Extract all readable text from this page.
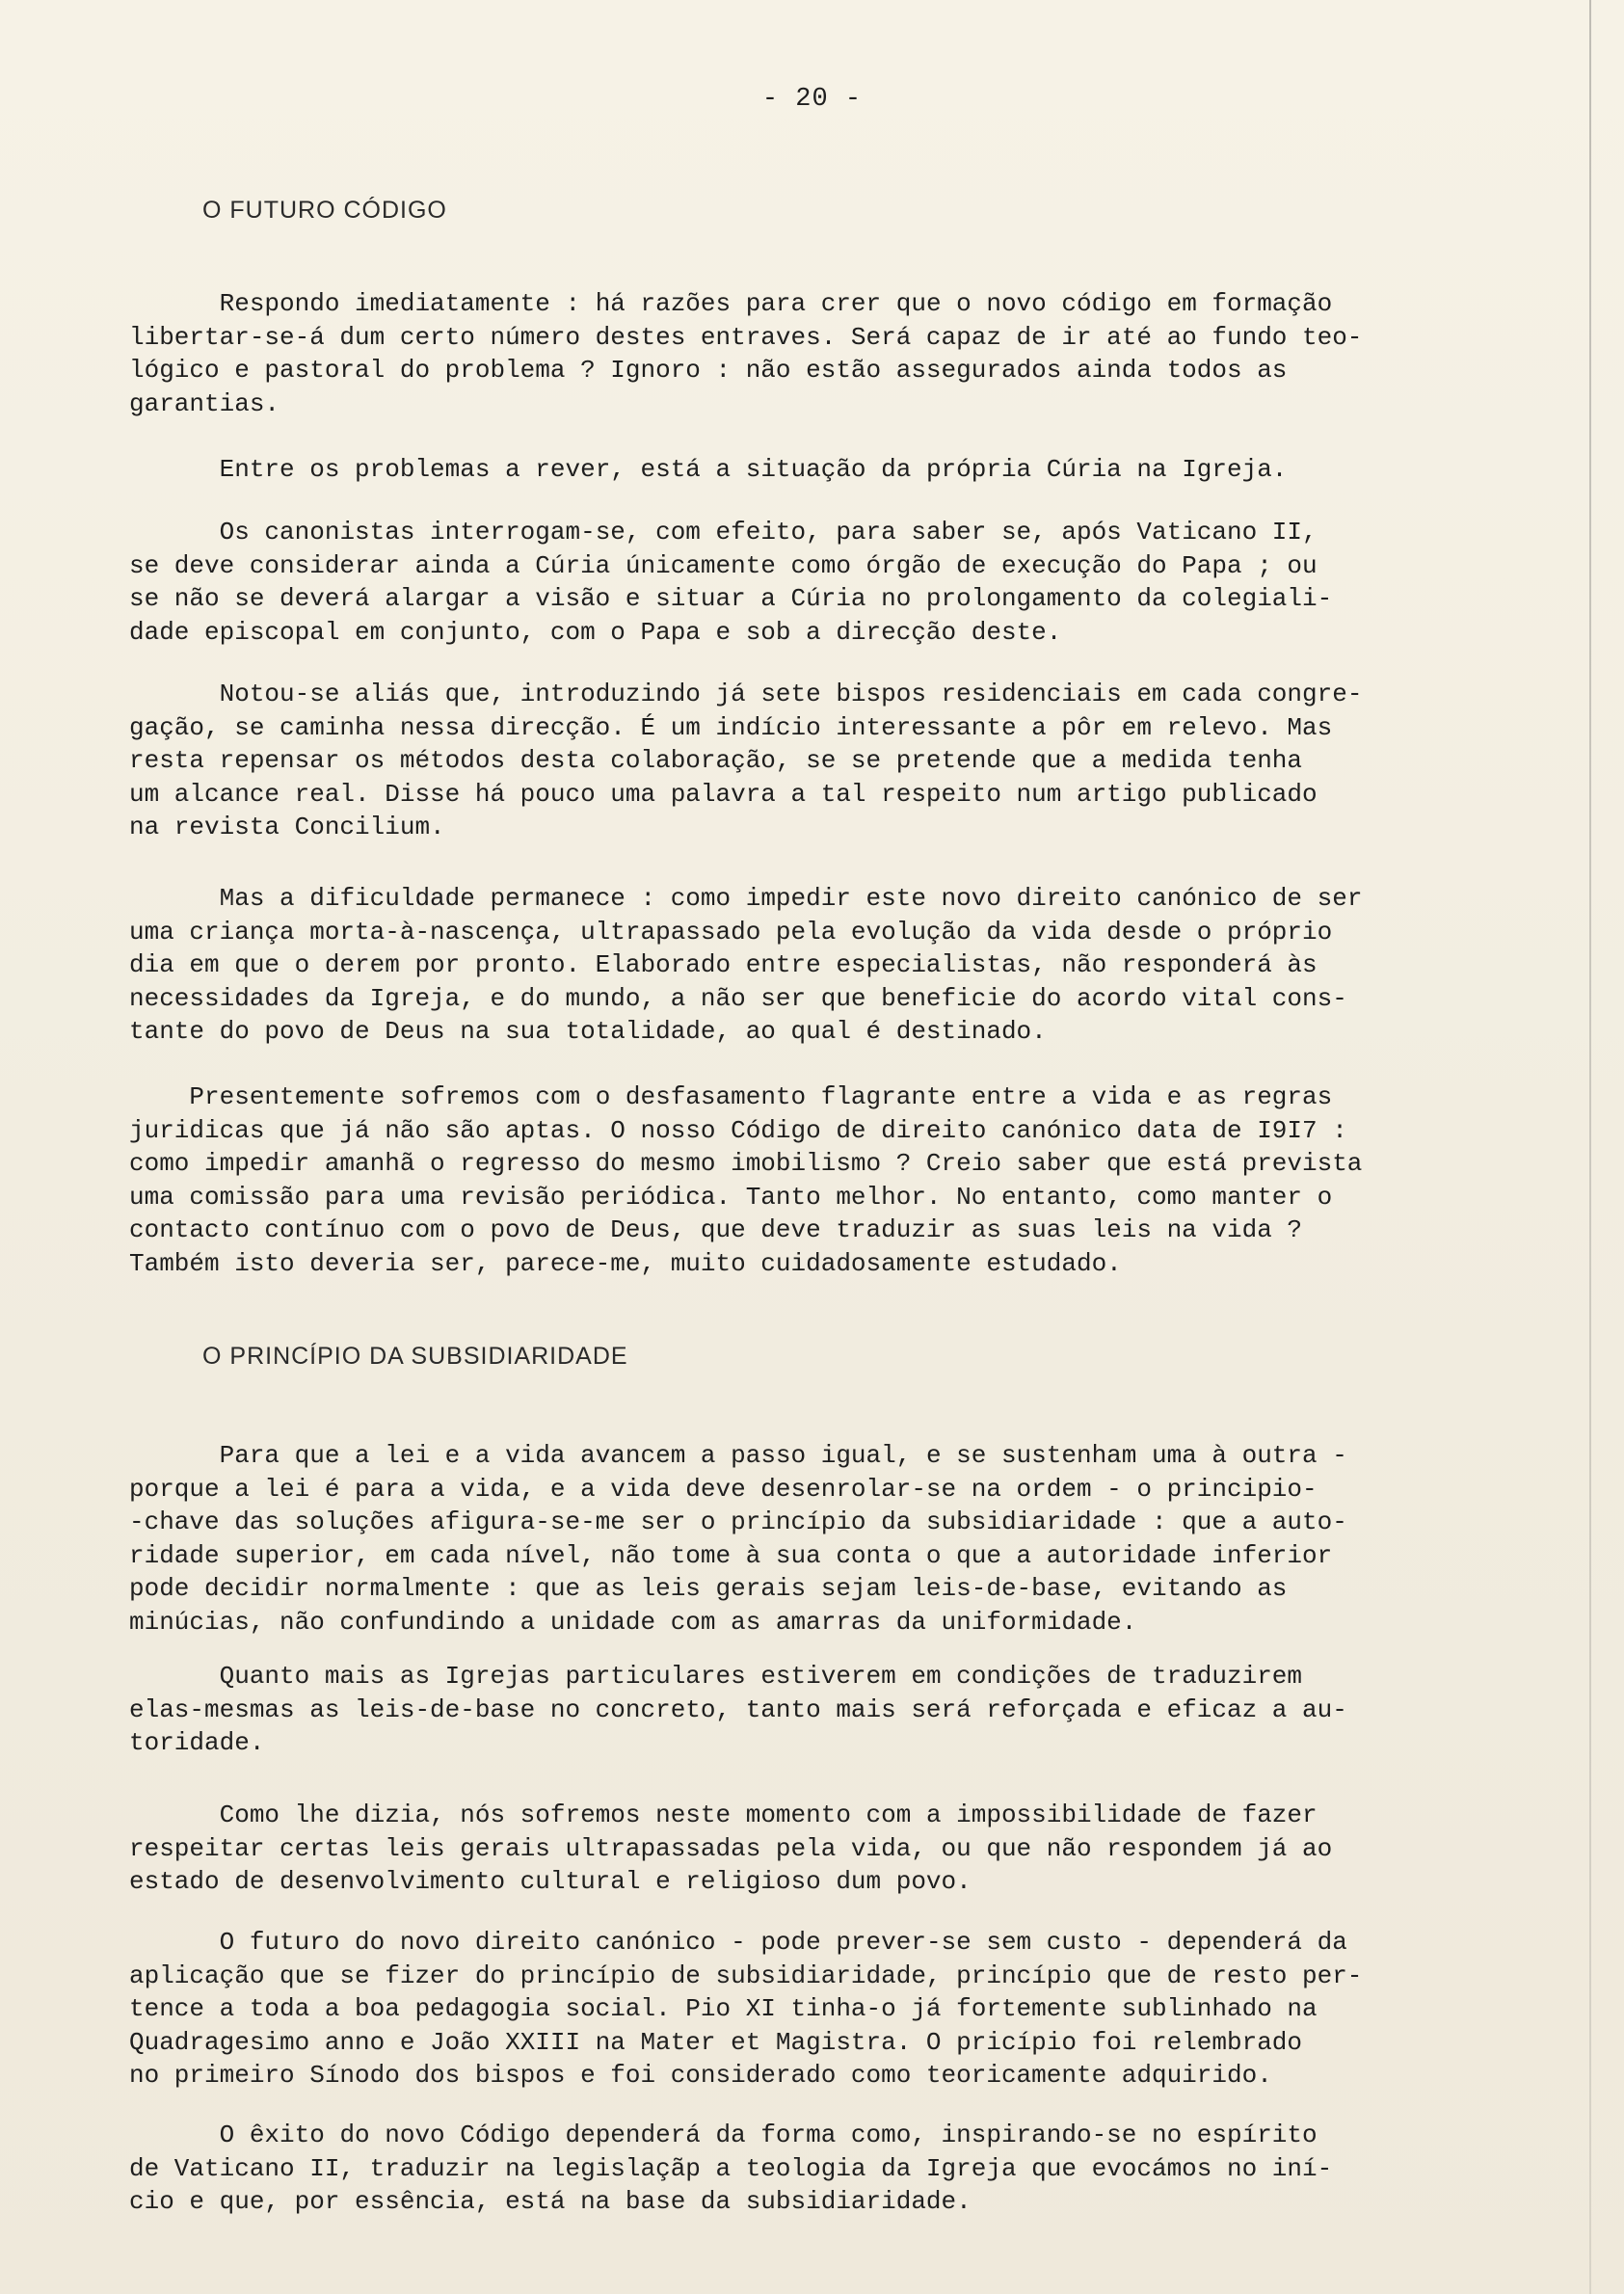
- 20 -
O FUTURO CÓDIGO
Respondo imediatamente : há razões para crer que o novo código em formação
libertar-se-á dum certo número destes entraves. Será capaz de ir até ao fundo teo-
lógico e pastoral do problema ? Ignoro : não estão assegurados ainda todos as
garantias.
Entre os problemas a rever, está a situação da própria Cúria na Igreja.
Os canonistas interrogam-se, com efeito, para saber se, após Vaticano II,
se deve considerar ainda a Cúria únicamente como órgão de execução do Papa ; ou
se não se deverá alargar a visão e situar a Cúria no prolongamento da colegiali-
dade episcopal em conjunto, com o Papa e sob a direcção deste.
Notou-se aliás que, introduzindo já sete bispos residenciais em cada congre-
gação, se caminha nessa direcção. É um indício interessante a pôr em relevo. Mas
resta repensar os métodos desta colaboração, se se pretende que a medida tenha
um alcance real. Disse há pouco uma palavra a tal respeito num artigo publicado
na revista Concilium.
Mas a dificuldade permanece : como impedir este novo direito canónico de ser
uma criança morta-à-nascença, ultrapassado pela evolução da vida desde o próprio
dia em que o derem por pronto. Elaborado entre especialistas, não responderá às
necessidades da Igreja, e do mundo, a não ser que beneficie do acordo vital cons-
tante do povo de Deus na sua totalidade, ao qual é destinado.
Presentemente sofremos com o desfasamento flagrante entre a vida e as regras
juridicas que já não são aptas. O nosso Código de direito canónico data de I9I7 :
como impedir amanhã o regresso do mesmo imobilismo ? Creio saber que está prevista
uma comissão para uma revisão periódica. Tanto melhor. No entanto, como manter o
contacto contínuo com o povo de Deus, que deve traduzir as suas leis na vida ?
Também isto deveria ser, parece-me, muito cuidadosamente estudado.
O PRINCÍPIO DA SUBSIDIARIDADE
Para que a lei e a vida avancem a passo igual, e se sustenham uma à outra -
porque a lei é para a vida, e a vida deve desenrolar-se na ordem - o principio-
-chave das soluções afigura-se-me ser o princípio da subsidiaridade : que a auto-
ridade superior, em cada nível, não tome à sua conta o que a autoridade inferior
pode decidir normalmente : que as leis gerais sejam leis-de-base, evitando as
minúcias, não confundindo a unidade com as amarras da uniformidade.
Quanto mais as Igrejas particulares estiverem em condições de traduzirem
elas-mesmas as leis-de-base no concreto, tanto mais será reforçada e eficaz a au-
toridade.
Como lhe dizia, nós sofremos neste momento com a impossibilidade de fazer
respeitar certas leis gerais ultrapassadas pela vida, ou que não respondem já ao
estado de desenvolvimento cultural e religioso dum povo.
O futuro do novo direito canónico - pode prever-se sem custo - dependerá da
aplicação que se fizer do princípio de subsidiaridade, princípio que de resto per-
tence a toda a boa pedagogia social. Pio XI tinha-o já fortemente sublinhado na
Quadragesimo anno e João XXIII na Mater et Magistra. O pricípio foi relembrado
no primeiro Sínodo dos bispos e foi considerado como teoricamente adquirido.
O êxito do novo Código dependerá da forma como, inspirando-se no espírito
de Vaticano II, traduzir na legislaçãp a teologia da Igreja que evocámos no iní-
cio e que, por essência, está na base da subsidiaridade.
